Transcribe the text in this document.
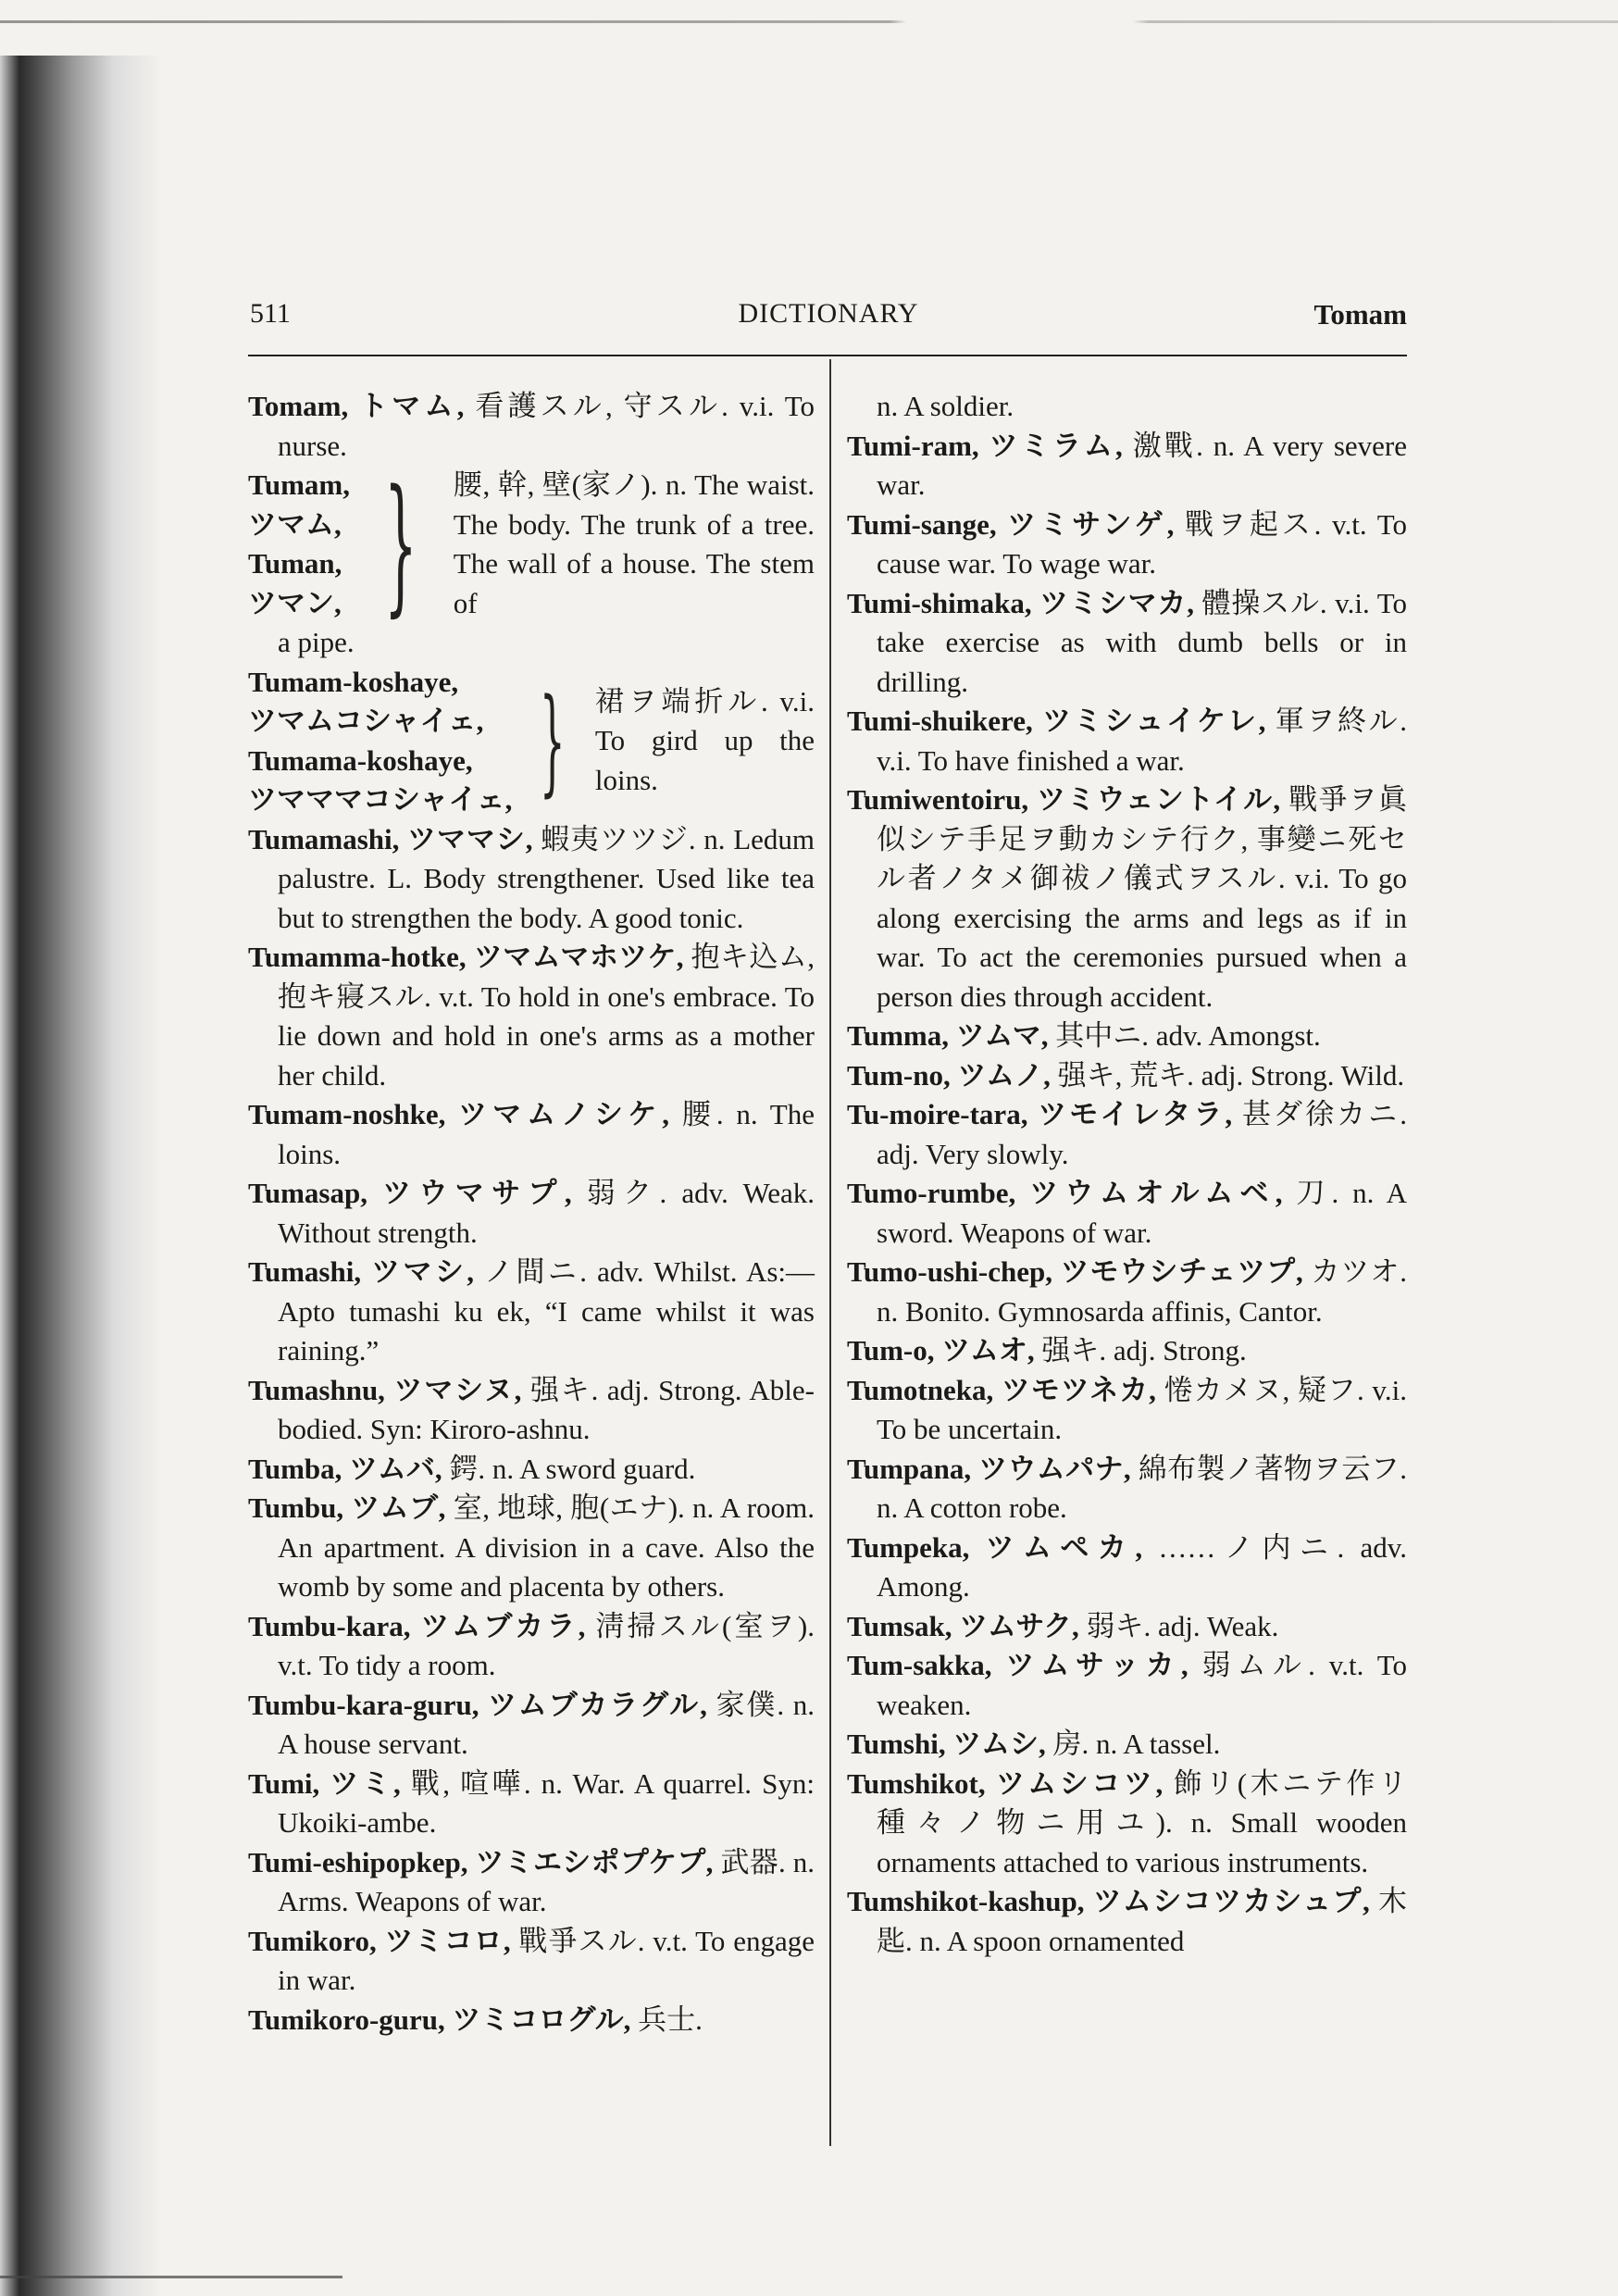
511	DICTIONARY	Tomam
Tomam, トマム, 看護スル, 守スル. v.i. To nurse.
Tumam,
ツマム,
Tuman,
ツマン, } 腰, 幹, 壁(家ノ). n. The waist. The body. The trunk of a tree. The wall of a house. The stem of
a pipe.
Tumam-koshaye,
ツマムコシャイェ,
Tumama-koshaye,
ツマママコシャイェ, } 裙ヲ端折ル. v.i. To gird up the loins.
Tumamashi, ツママシ, 蝦夷ツツジ. n. Ledum palustre. L. Body strengthener. Used like tea but to strengthen the body. A good tonic.
Tumamma-hotke, ツマムマホツケ, 抱キ込ム, 抱キ寢スル. v.t. To hold in one's embrace. To lie down and hold in one's arms as a mother her child.
Tumam-noshke, ツマムノシケ, 腰. n. The loins.
Tumasap, ツウマサプ, 弱ク. adv. Weak. Without strength.
Tumashi, ツマシ, ノ間ニ. adv. Whilst. As:—Apto tumashi ku ek, “I came whilst it was raining.”
Tumashnu, ツマシヌ, 强キ. adj. Strong. Able-bodied. Syn: Kiroro-ashnu.
Tumba, ツムバ, 鍔. n. A sword guard.
Tumbu, ツムブ, 室, 地球, 胞(エナ). n. A room. An apartment. A division in a cave. Also the womb by some and placenta by others.
Tumbu-kara, ツムブカラ, 淸掃スル(室ヲ). v.t. To tidy a room.
Tumbu-kara-guru, ツムブカラグル, 家僕. n. A house servant.
Tumi, ツミ, 戰, 喧嘩. n. War. A quarrel. Syn: Ukoiki-ambe.
Tumi-eshipopkep, ツミエシポプケプ, 武器. n. Arms. Weapons of war.
Tumikoro, ツミコロ, 戰爭スル. v.t. To engage in war.
Tumikoro-guru, ツミコログル, 兵士.
n. A soldier.
Tumi-ram, ツミラム, 激戰. n. A very severe war.
Tumi-sange, ツミサンゲ, 戰ヲ起ス. v.t. To cause war. To wage war.
Tumi-shimaka, ツミシマカ, 體操スル. v.i. To take exercise as with dumb bells or in drilling.
Tumi-shuikere, ツミシュイケレ, 軍ヲ終ル. v.i. To have finished a war.
Tumiwentoiru, ツミウェントイル, 戰爭ヲ眞似シテ手足ヲ動カシテ行ク, 事變ニ死セル者ノタメ御祓ノ儀式ヲスル. v.i. To go along exercising the arms and legs as if in war. To act the ceremonies pursued when a person dies through accident.
Tumma, ツムマ, 其中ニ. adv. Amongst.
Tum-no, ツムノ, 强キ, 荒キ. adj. Strong. Wild.
Tu-moire-tara, ツモイレタラ, 甚ダ徐カニ. adj. Very slowly.
Tumo-rumbe, ツウムオルムベ, 刀. n. A sword. Weapons of war.
Tumo-ushi-chep, ツモウシチェツプ, カツオ. n. Bonito. Gymnosarda affinis, Cantor.
Tum-o, ツムオ, 强キ. adj. Strong.
Tumotneka, ツモツネカ, 惓カメヌ, 疑フ. v.i. To be uncertain.
Tumpana, ツウムパナ, 綿布製ノ著物ヲ云フ. n. A cotton robe.
Tumpeka, ツムペカ, ……ノ内ニ. adv. Among.
Tumsak, ツムサク, 弱キ. adj. Weak.
Tum-sakka, ツムサッカ, 弱ムル. v.t. To weaken.
Tumshi, ツムシ, 房. n. A tassel.
Tumshikot, ツムシコツ, 飾リ(木ニテ作リ種々ノ物ニ用ユ). n. Small wooden ornaments attached to various instruments.
Tumshikot-kashup, ツムシコツカシュプ, 木匙. n. A spoon ornamented
